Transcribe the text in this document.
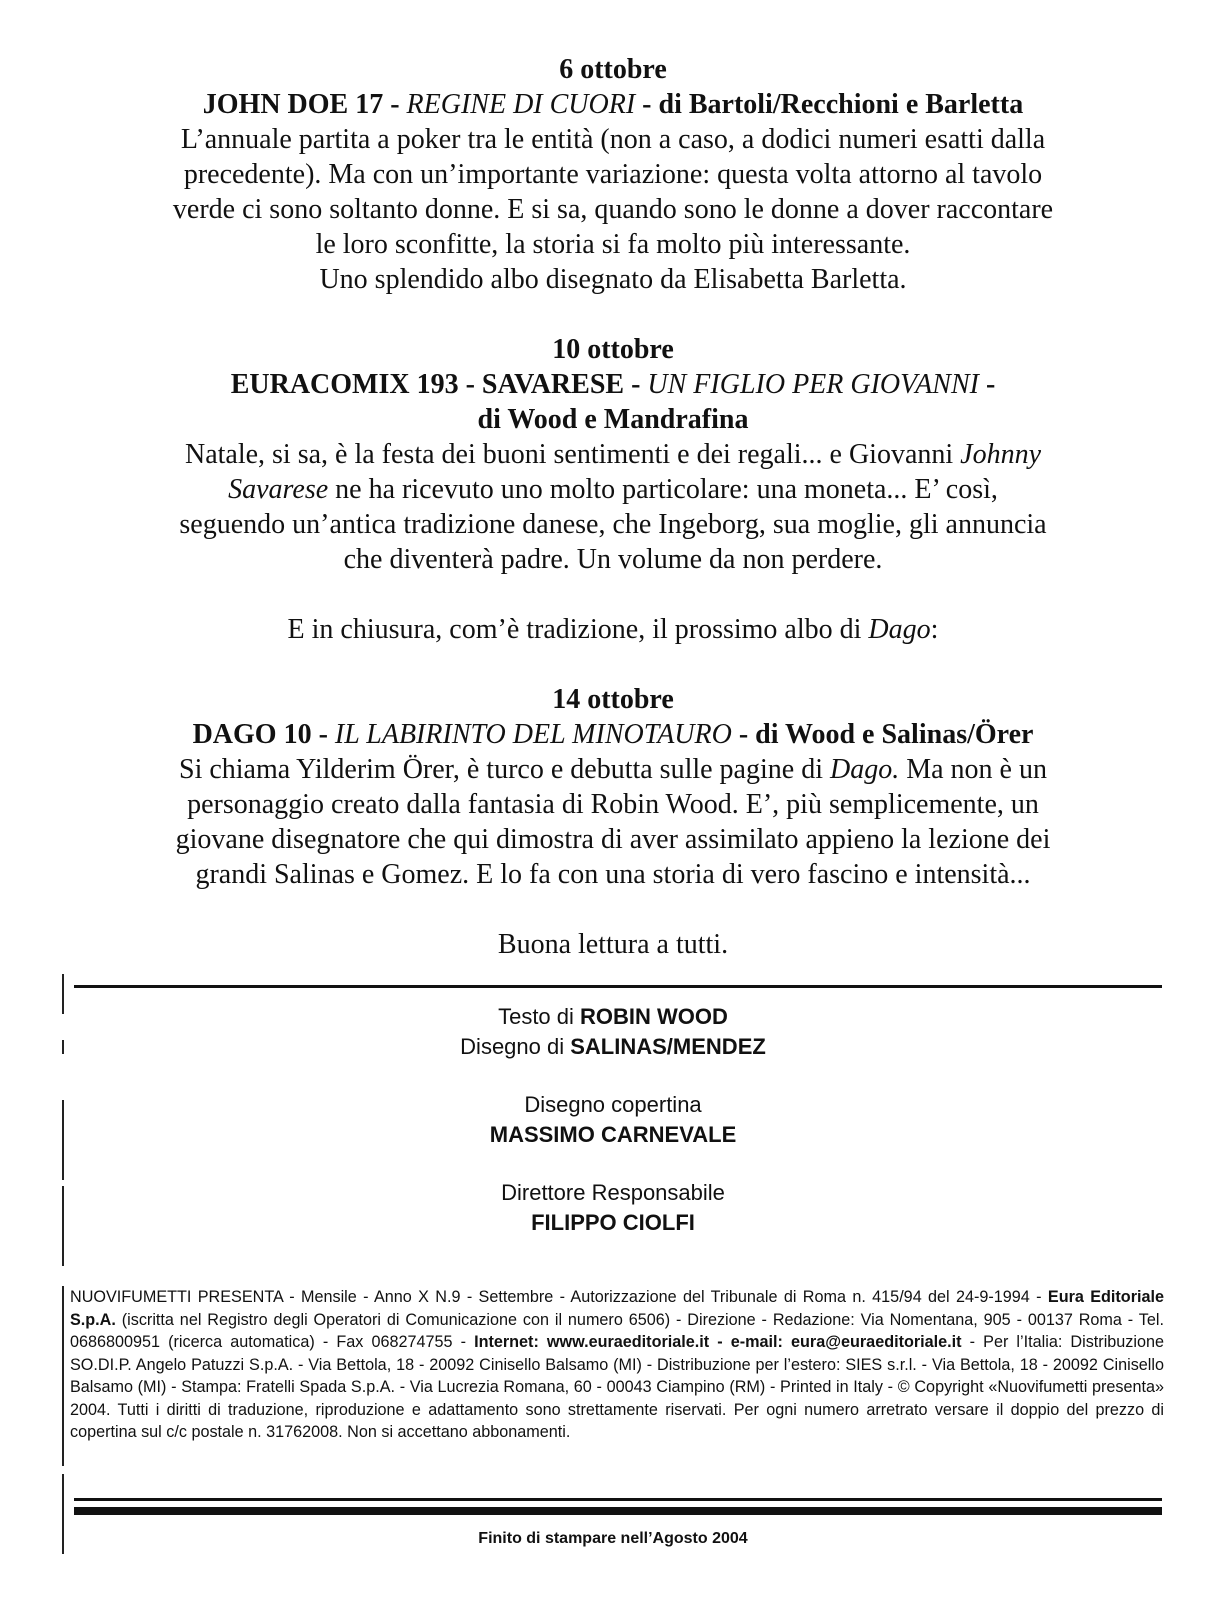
6 ottobre
JOHN DOE 17 - REGINE DI CUORI - di Bartoli/Recchioni e Barletta
L’annuale partita a poker tra le entità (non a caso, a dodici numeri esatti dalla
precedente). Ma con un’importante variazione: questa volta attorno al tavolo
verde ci sono soltanto donne. E si sa, quando sono le donne a dover raccontare
le loro sconfitte, la storia si fa molto più interessante.
Uno splendido albo disegnato da Elisabetta Barletta.
10 ottobre
EURACOMIX 193 - SAVARESE - UN FIGLIO PER GIOVANNI -
di Wood e Mandrafina
Natale, si sa, è la festa dei buoni sentimenti e dei regali... e Giovanni Johnny
Savarese ne ha ricevuto uno molto particolare: una moneta... E’ così,
seguendo un’antica tradizione danese, che Ingeborg, sua moglie, gli annuncia
che diventerà padre. Un volume da non perdere.
E in chiusura, com’è tradizione, il prossimo albo di Dago:
14 ottobre
DAGO 10 - IL LABIRINTO DEL MINOTAURO - di Wood e Salinas/Örer
Si chiama Yilderim Örer, è turco e debutta sulle pagine di Dago. Ma non è un
personaggio creato dalla fantasia di Robin Wood. E’, più semplicemente, un
giovane disegnatore che qui dimostra di aver assimilato appieno la lezione dei
grandi Salinas e Gomez. E lo fa con una storia di vero fascino e intensità...
Buona lettura a tutti.
Testo di ROBIN WOOD
Disegno di SALINAS/MENDEZ
Disegno copertina
MASSIMO CARNEVALE
Direttore Responsabile
FILIPPO CIOLFI
NUOVIFUMETTI PRESENTA - Mensile - Anno X N.9 - Settembre - Autorizzazione del Tribunale di Roma n. 415/94 del 24-9-1994 - Eura Editoriale S.p.A. (iscritta nel Registro degli Operatori di Comunicazione con il numero 6506) - Direzione - Redazione: Via Nomentana, 905 - 00137 Roma - Tel. 0686800951 (ricerca automatica) - Fax 068274755 - Internet: www.euraeditoriale.it - e-mail: eura@euraeditoriale.it - Per l’Italia: Distribuzione SO.DI.P. Angelo Patuzzi S.p.A. - Via Bettola, 18 - 20092 Cinisello Balsamo (MI) - Distribuzione per l’estero: SIES s.r.l. - Via Bettola, 18 - 20092 Cinisello Balsamo (MI) - Stampa: Fratelli Spada S.p.A. - Via Lucrezia Romana, 60 - 00043 Ciampino (RM) - Printed in Italy - © Copyright «Nuovifumetti presenta» 2004. Tutti i diritti di traduzione, riproduzione e adattamento sono strettamente riservati. Per ogni numero arretrato versare il doppio del prezzo di copertina sul c/c postale n. 31762008. Non si accettano abbonamenti.
Finito di stampare nell’Agosto 2004
